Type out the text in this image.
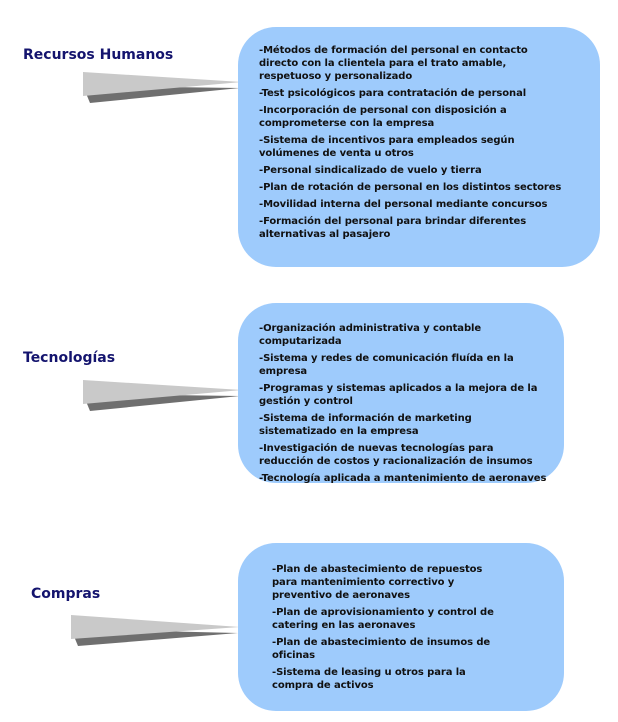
Recursos Humanos
-	Métodos de formación del personal en contacto directo con la clientela para el trato amable, respetuoso y personalizado
- Test psicológicos para contratación de personal
- Incorporación de personal con disposición a comprometerse con la empresa
- Sistema de incentivos para empleados según volúmenes de venta u otros
- Personal sindicalizado de vuelo y tierra
- Plan de rotación de personal en los distintos sectores
- Movilidad interna del personal mediante concursos
- Formación del personal para brindar diferentes alternativas al pasajero
Tecnologías
- Organización administrativa y contable computarizada
- Sistema y redes de comunicación fluída en la empresa
- Programas y sistemas aplicados a la mejora de la gestión y control
- Sistema de información de marketing sistematizado en la empresa
- Investigación de nuevas tecnologías para reducción de costos y racionalización de insumos
- Tecnología aplicada a mantenimiento de aeronaves
Compras
- Plan de abastecimiento de repuestos para mantenimiento correctivo y preventivo de aeronaves
- Plan de aprovisionamiento y control de catering en las aeronaves
- Plan de abastecimiento de insumos de oficinas
- Sistema de leasing u otros para la compra de activos
